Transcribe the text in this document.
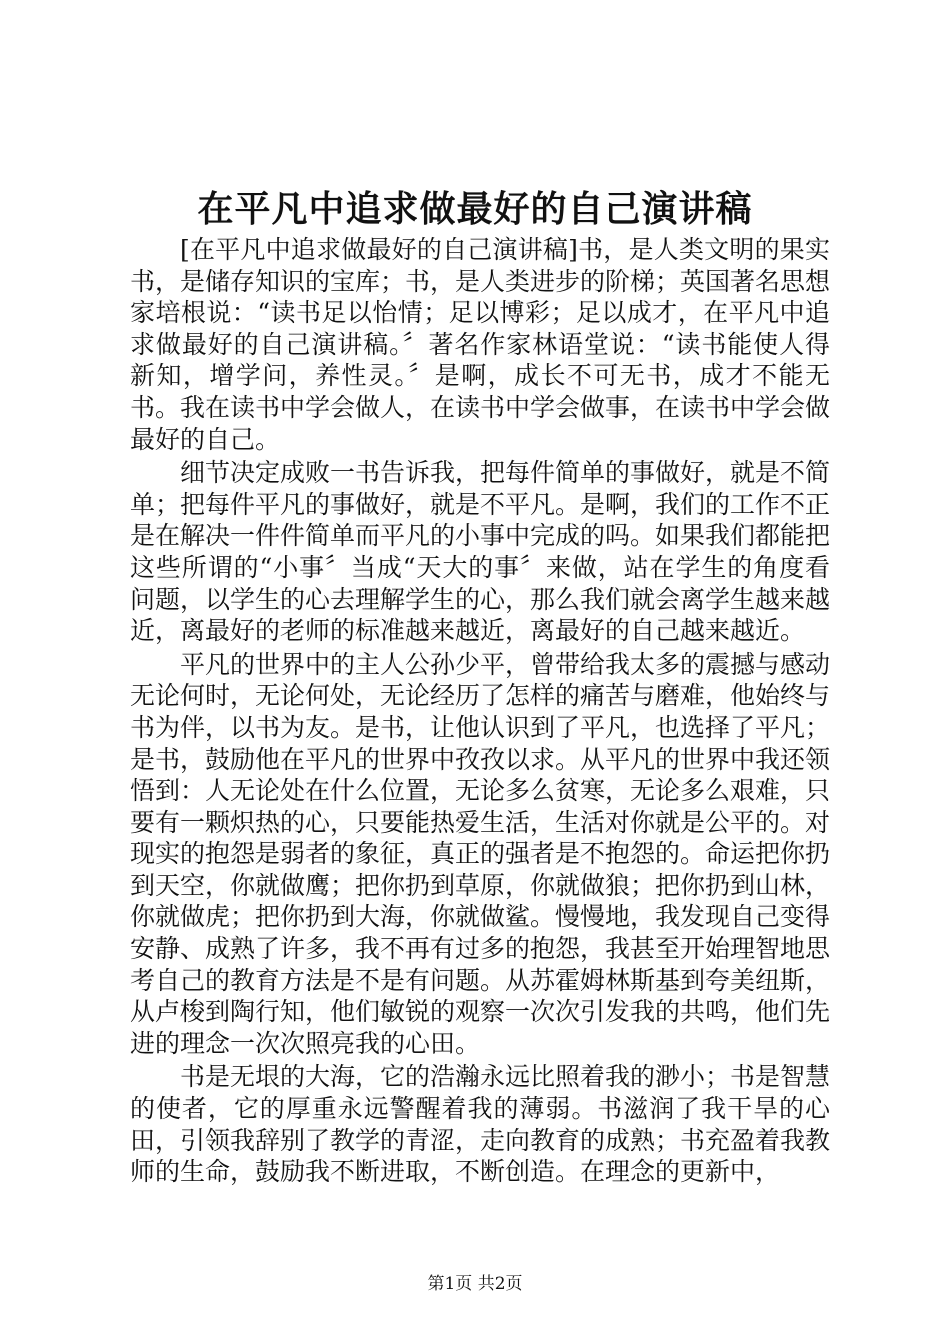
在平凡中追求做最好的自己演讲稿

[在平凡中追求做最好的自己演讲稿]书，是人类文明的果实书，是储存知识的宝库；书，是人类进步的阶梯；英国著名思想家培根说：“读书足以怡情；足以博彩；足以成才，在平凡中追求做最好的自己演讲稿。〞著名作家林语堂说：“读书能使人得新知，增学问，养性灵。〞是啊，成长不可无书，成才不能无书。我在读书中学会做人，在读书中学会做事，在读书中学会做最好的自己。

细节决定成败一书告诉我，把每件简单的事做好，就是不简单；把每件平凡的事做好，就是不平凡。是啊，我们的工作不正是在解决一件件简单而平凡的小事中完成的吗。如果我们都能把这些所谓的“小事〞当成“天大的事〞来做，站在学生的角度看问题，以学生的心去理解学生的心，那么我们就会离学生越来越近，离最好的老师的标准越来越近，离最好的自己越来越近。

平凡的世界中的主人公孙少平，曾带给我太多的震撼与感动无论何时，无论何处，无论经历了怎样的痛苦与磨难，他始终与书为伴，以书为友。是书，让他认识到了平凡，也选择了平凡；是书，鼓励他在平凡的世界中孜孜以求。从平凡的世界中我还领悟到：人无论处在什么位置，无论多么贫寒，无论多么艰难，只要有一颗炽热的心，只要能热爱生活，生活对你就是公平的。对现实的抱怨是弱者的象征，真正的强者是不抱怨的。命运把你扔到天空，你就做鹰；把你扔到草原，你就做狼；把你扔到山林，你就做虎；把你扔到大海，你就做鲨。慢慢地，我发现自己变得安静、成熟了许多，我不再有过多的抱怨，我甚至开始理智地思考自己的教育方法是不是有问题。从苏霍姆林斯基到夸美纽斯，从卢梭到陶行知，他们敏锐的观察一次次引发我的共鸣，他们先进的理念一次次照亮我的心田。

书是无垠的大海，它的浩瀚永远比照着我的渺小；书是智慧的使者，它的厚重永远警醒着我的薄弱。书滋润了我干旱的心田，引领我辞别了教学的青涩，走向教育的成熟；书充盈着我教师的生命，鼓励我不断进取，不断创造。在理念的更新中，

第1页 共2页
